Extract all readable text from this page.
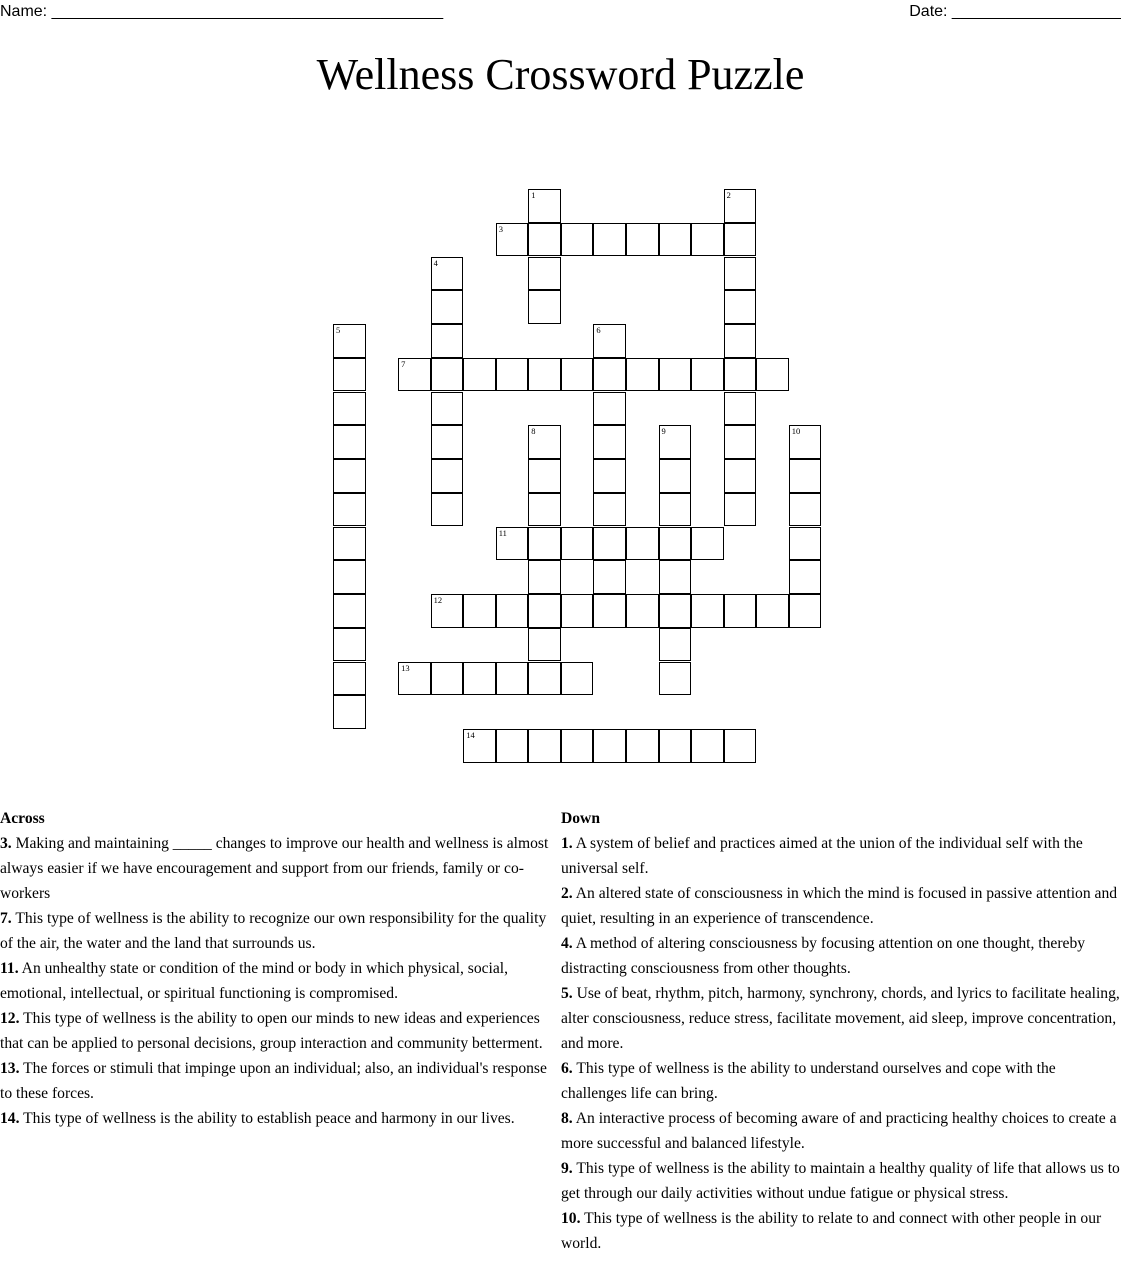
Name: ____________________________________________	Date: ___________________
Wellness Crossword Puzzle
1	2
3
4
5	6
7
8	9	10
11
12
13
14
Across
3. Making and maintaining _____ changes to improve our health and wellness is almost always easier if we have encouragement and support from our friends, family or co-workers
7. This type of wellness is the ability to recognize our own responsibility for the quality of the air, the water and the land that surrounds us.
11. An unhealthy state or condition of the mind or body in which physical, social, emotional, intellectual, or spiritual functioning is compromised.
12. This type of wellness is the ability to open our minds to new ideas and experiences that can be applied to personal decisions, group interaction and community betterment.
13. The forces or stimuli that impinge upon an individual; also, an individual's response to these forces.
14. This type of wellness is the ability to establish peace and harmony in our lives.
Down
1. A system of belief and practices aimed at the union of the individual self with the universal self.
2. An altered state of consciousness in which the mind is focused in passive attention and quiet, resulting in an experience of transcendence.
4. A method of altering consciousness by focusing attention on one thought, thereby distracting consciousness from other thoughts.
5. Use of beat, rhythm, pitch, harmony, synchrony, chords, and lyrics to facilitate healing, alter consciousness, reduce stress, facilitate movement, aid sleep, improve concentration, and more.
6. This type of wellness is the ability to understand ourselves and cope with the challenges life can bring.
8. An interactive process of becoming aware of and practicing healthy choices to create a more successful and balanced lifestyle.
9. This type of wellness is the ability to maintain a healthy quality of life that allows us to get through our daily activities without undue fatigue or physical stress.
10. This type of wellness is the ability to relate to and connect with other people in our world.
